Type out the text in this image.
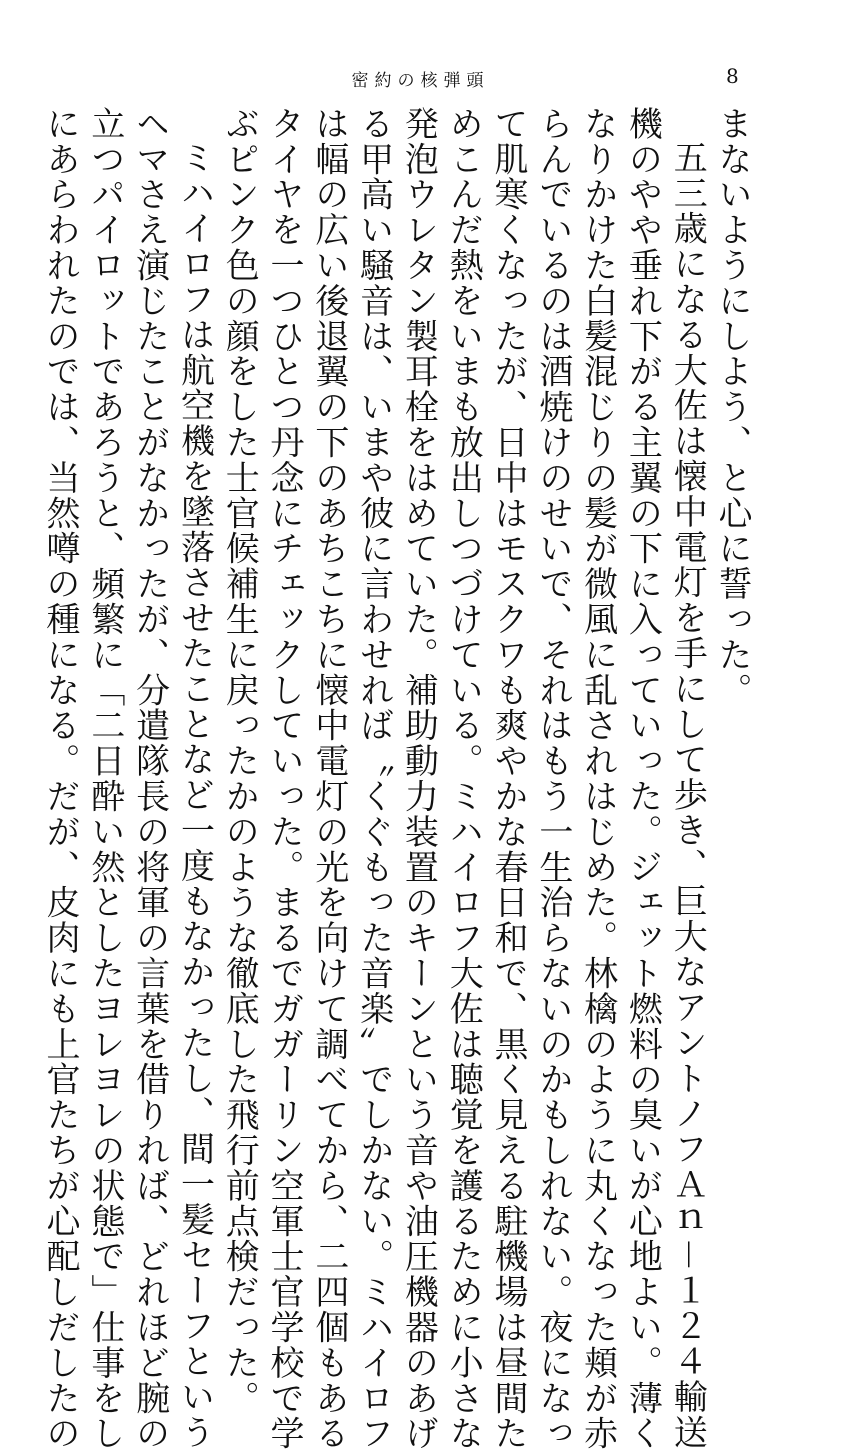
密約の核弾頭	8
まないようにしよう、と心に誓った。
五三歳になる大佐は懐中電灯を手にして歩き、巨大なアントノフＡｎ－１２４輸送
機のやや垂れ下がる主翼の下に入っていった。ジェット燃料の臭いが心地よい。薄く
なりかけた白髪混じりの髪が微風に乱されはじめた。林檎のように丸くなった頬が赤
らんでいるのは酒焼けのせいで、それはもう一生治らないのかもしれない。夜になっ
て肌寒くなったが、日中はモスクワも爽やかな春日和で、黒く見える駐機場は昼間た
めこんだ熱をいまも放出しつづけている。ミハイロフ大佐は聴覚を護るために小さな
発泡ウレタン製耳栓をはめていた。補助動力装置のキーンという音や油圧機器のあげ
る甲高い騒音は、いまや彼に言わせれば〝くぐもった音楽〟でしかない。ミハイロフ
は幅の広い後退翼の下のあちこちに懐中電灯の光を向けて調べてから、二四個もある
タイヤを一つひとつ丹念にチェックしていった。まるでガガーリン空軍士官学校で学
ぶピンク色の顔をした士官候補生に戻ったかのような徹底した飛行前点検だった。
ミハイロフは航空機を墜落させたことなど一度もなかったし、間一髪セーフという
ヘマさえ演じたことがなかったが、分遣隊長の将軍の言葉を借りれば、どれほど腕の
立つパイロットであろうと、頻繁に「二日酔い然としたヨレヨレの状態で」仕事をし
にあらわれたのでは、当然噂の種になる。だが、皮肉にも上官たちが心配しだしたの
